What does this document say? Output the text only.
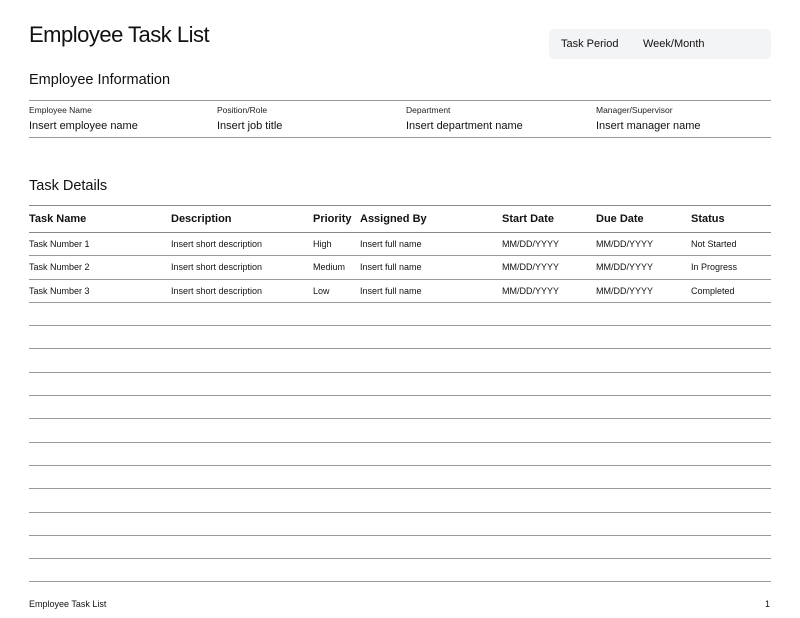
Employee Task List	Task Period	Week/Month
Employee Information
Employee Name
Insert employee name
Position/Role
Insert job title
Department
Insert department name
Manager/Supervisor
Insert manager name
Task Details
Task Name	Description	Priority	Assigned By	Start Date	Due Date	Status
Task Number 1	Insert short description	High	Insert full name	MM/DD/YYYY	MM/DD/YYYY	Not Started
Task Number 2	Insert short description	Medium	Insert full name	MM/DD/YYYY	MM/DD/YYYY	In Progress
Task Number 3	Insert short description	Low	Insert full name	MM/DD/YYYY	MM/DD/YYYY	Completed

Employee Task List	1
